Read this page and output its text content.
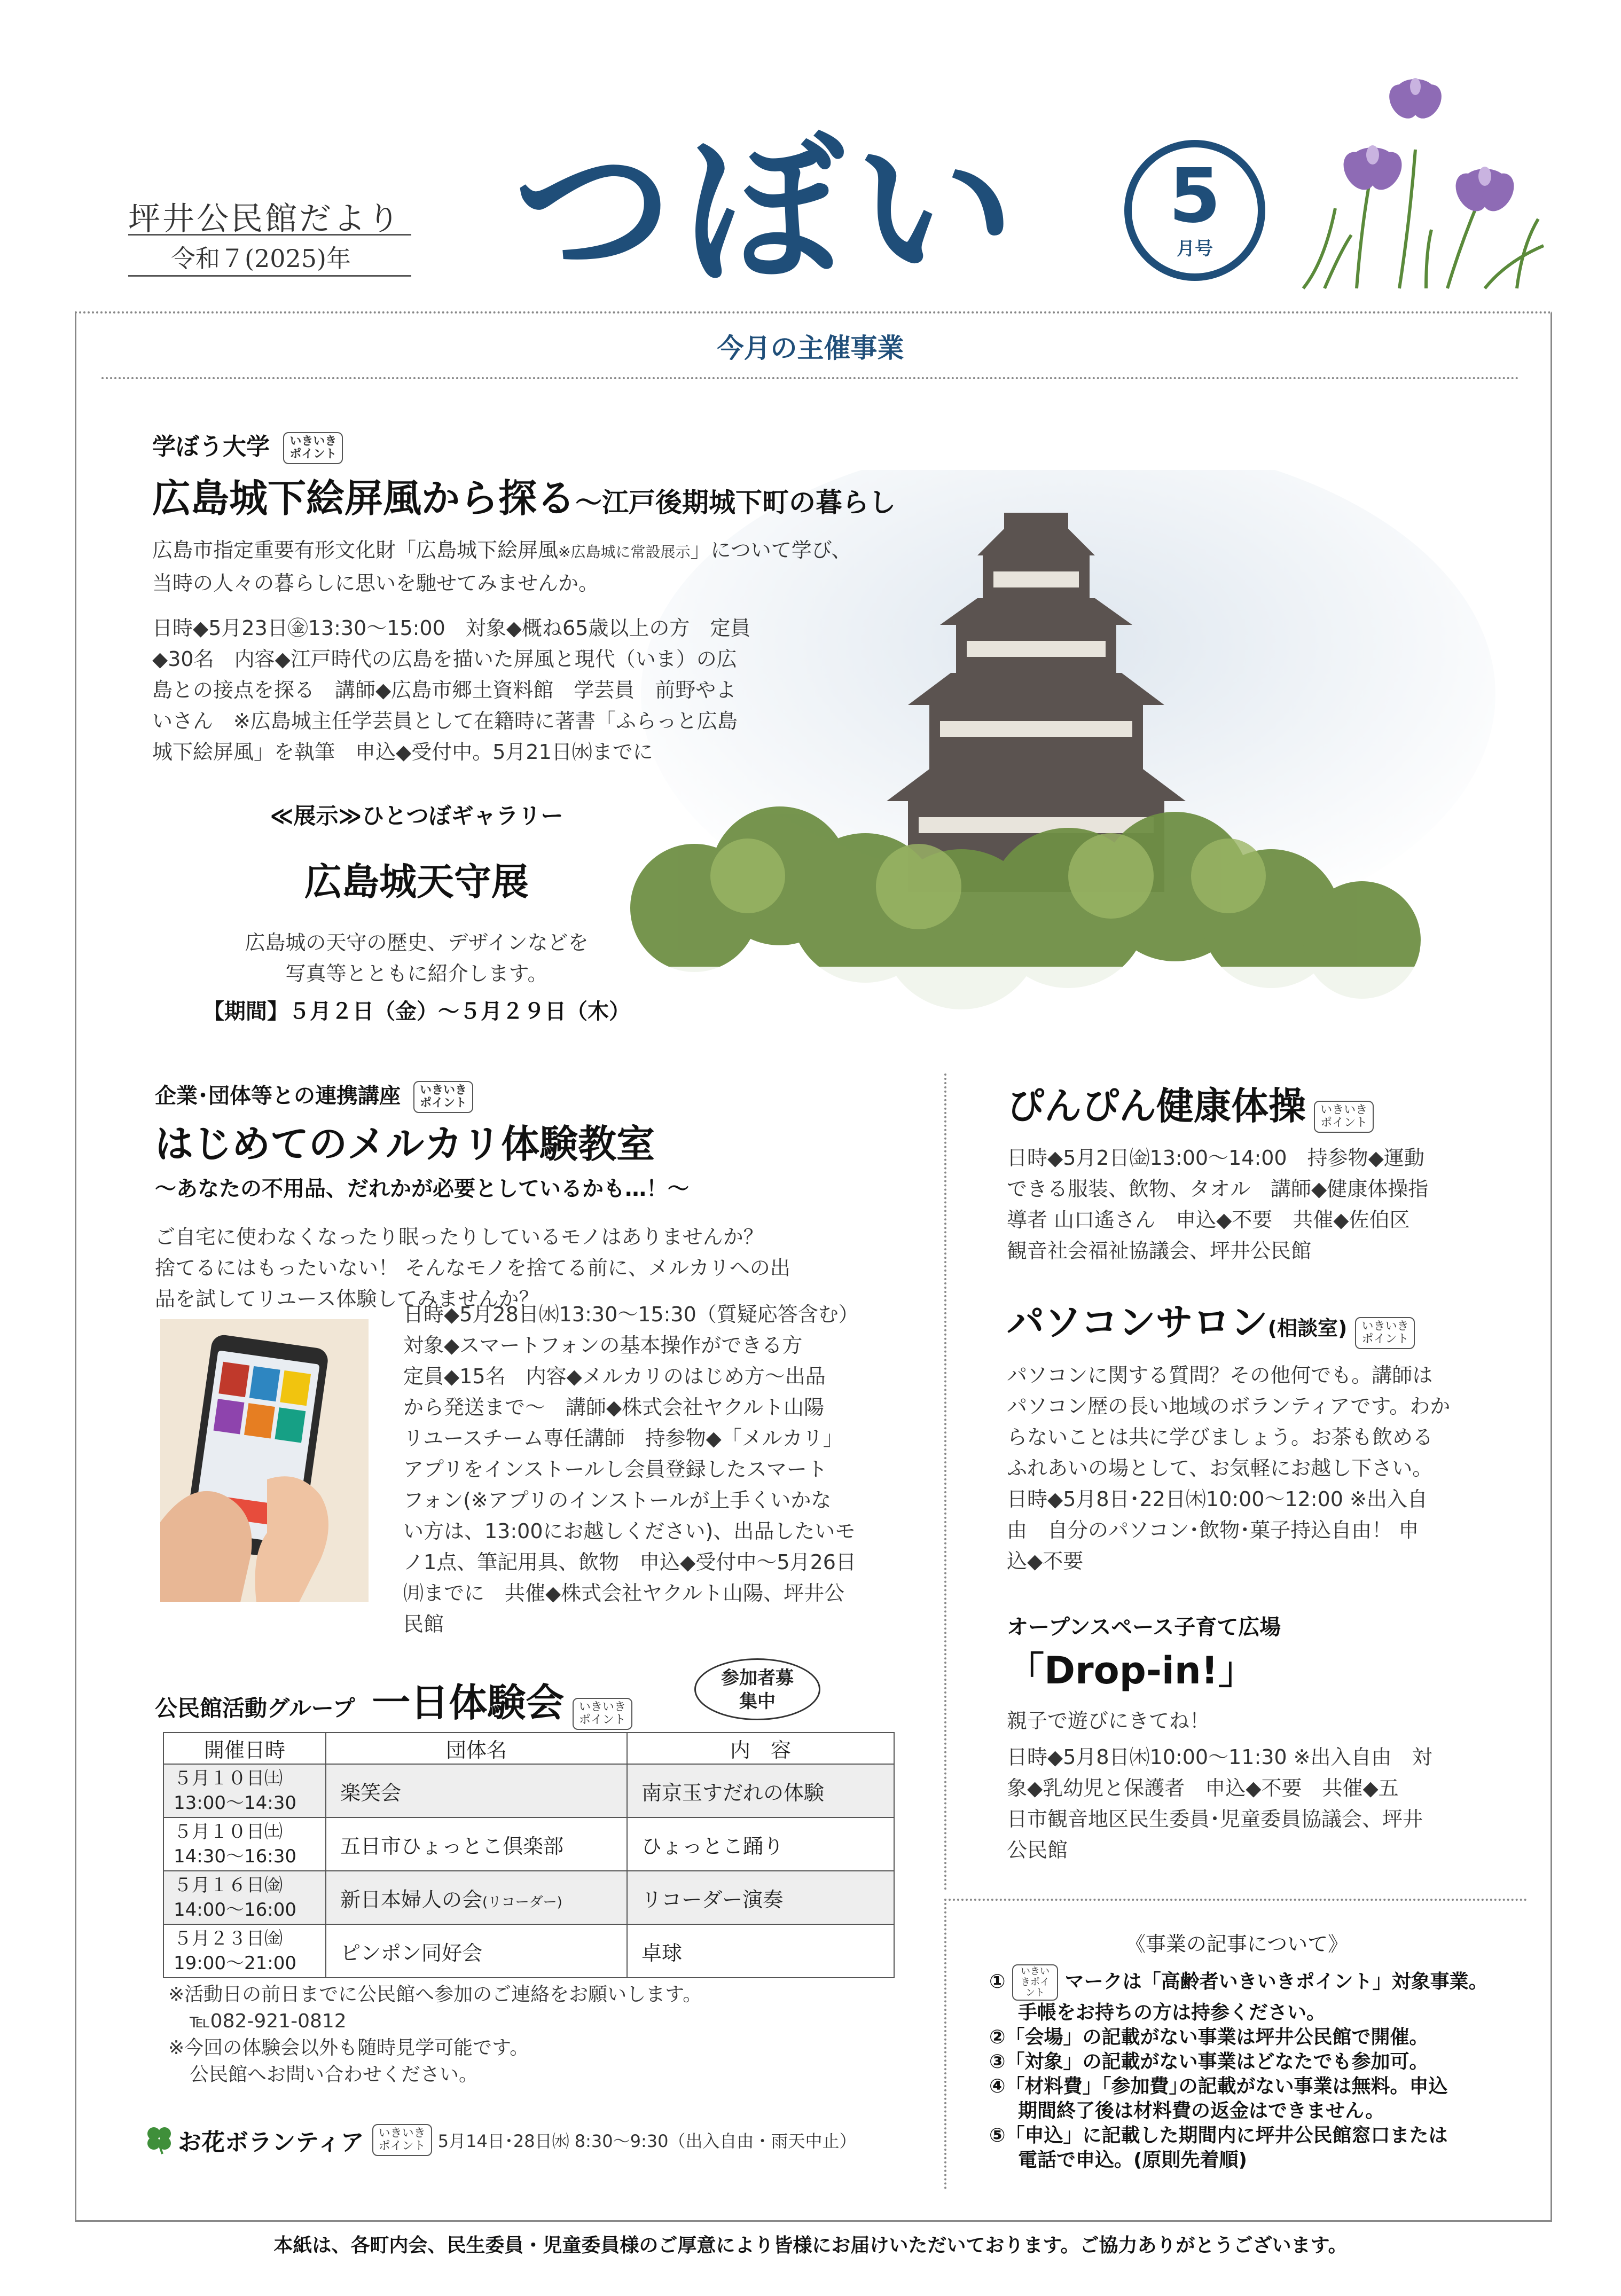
坪井公民館だより
令和７(2025)年 つぼい	5
月号
今月の主催事業
学ぼう大学 いきいきポイント
広島城下絵屏風から探る〜江戸後期城下町の暮らし
広島市指定重要有形文化財「広島城下絵屏風※広島城に常設展示」について学び、
当時の人々の暮らしに思いを馳せてみませんか。
日時◆5月23日㊎13:30〜15:00　対象◆概ね65歳以上の方　定員
◆30名　内容◆江戸時代の広島を描いた屏風と現代（いま）の広
島との接点を探る　講師◆広島市郷土資料館　学芸員　前野やよ
いさん　※広島城主任学芸員として在籍時に著書「ふらっと広島
城下絵屏風」を執筆　申込◆受付中。5月21日㈬までに
≪展示≫ひとつぼギャラリー
広島城天守展
広島城の天守の歴史、デザインなどを
写真等とともに紹介します。
【期間】５月２日（金）〜５月２９日（木）
企業･団体等との連携講座 いきいきポイント
はじめてのメルカリ体験教室
〜あなたの不用品、だれかが必要としているかも…！〜
ご自宅に使わなくなったり眠ったりしているモノはありませんか？
捨てるにはもったいない！ そんなモノを捨てる前に、メルカリへの出
品を試してリユース体験してみませんか？
日時◆5月28日㈬13:30〜15:30（質疑応答含む）
対象◆スマートフォンの基本操作ができる方
定員◆15名　内容◆メルカリのはじめ方〜出品
から発送まで〜　講師◆株式会社ヤクルト山陽
リユースチーム専任講師　持参物◆「メルカリ」
アプリをインストールし会員登録したスマート
フォン(※アプリのインストールが上手くいかな
い方は、13:00にお越しください)、出品したいモ
ノ1点、筆記用具、飲物　申込◆受付中〜5月26日
㈪までに　共催◆株式会社ヤクルト山陽、坪井公
民館
公民館活動グループ 一日体験会 いきいきポイント
参加者募集中
開催日時	団体名	内　容

５月１０日㈯
13:00〜14:30	楽笑会	南京玉すだれの体験

５月１０日㈯
14:30〜16:30	五日市ひょっとこ倶楽部	ひょっとこ踊り

５月１６日㈮
14:00〜16:00	新日本婦人の会(リコーダー)	リコーダー演奏

５月２３日㈮
19:00〜21:00	ピンポン同好会	卓球
※活動日の前日までに公民館へ参加のご連絡をお願いします。
℡082-921-0812
※今回の体験会以外も随時見学可能です。
公民館へお問い合わせください。
お花ボランティア いきいきポイント 5月14日･28日㈬ 8:30〜9:30（出入自由・雨天中止）
ぴんぴん健康体操 いきいきポイント
日時◆5月2日㈮13:00〜14:00　持参物◆運動
できる服装、飲物、タオル　講師◆健康体操指
導者 山口遙さん　申込◆不要　共催◆佐伯区
観音社会福祉協議会、坪井公民館
パソコンサロン(相談室) いきいきポイント
パソコンに関する質問？その他何でも。講師は
パソコン歴の長い地域のボランティアです。わか
らないことは共に学びましょう。お茶も飲める
ふれあいの場として、お気軽にお越し下さい。
日時◆5月8日･22日㈭10:00〜12:00 ※出入自
由　自分のパソコン･飲物･菓子持込自由！ 申
込◆不要
オープンスペース子育て広場
「Drop-in!」
親子で遊びにきてね！
日時◆5月8日㈭10:00〜11:30 ※出入自由　対
象◆乳幼児と保護者　申込◆不要　共催◆五
日市観音地区民生委員･児童委員協議会、坪井
公民館
《事業の記事について》
① いきいきポイント マークは「高齢者いきいきポイント」対象事業。
手帳をお持ちの方は持参ください。
②「会場」の記載がない事業は坪井公民館で開催。
③「対象」の記載がない事業はどなたでも参加可。
④「材料費」｢参加費｣の記載がない事業は無料。申込
期間終了後は材料費の返金はできません。
⑤「申込」に記載した期間内に坪井公民館窓口または
電話で申込。(原則先着順)
本紙は、各町内会、民生委員・児童委員様のご厚意により皆様にお届けいただいております。ご協力ありがとうございます。
